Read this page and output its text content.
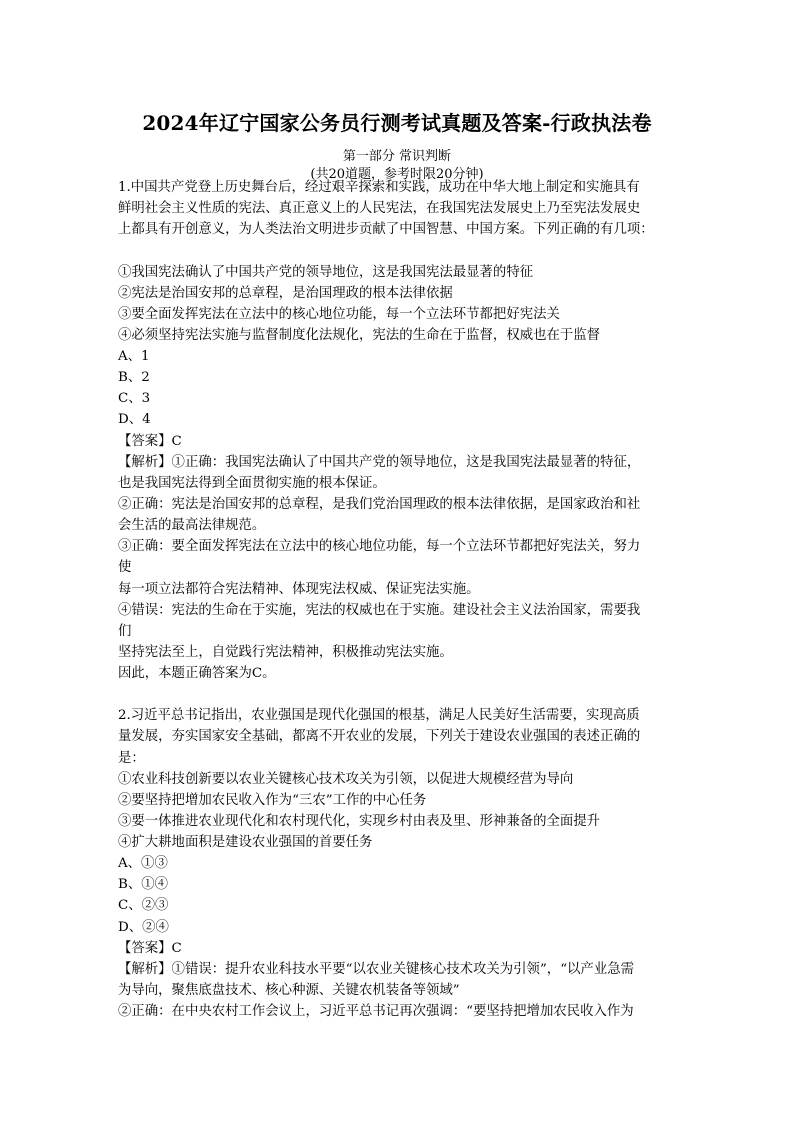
2024年辽宁国家公务员行测考试真题及答案-行政执法卷
第一部分 常识判断
(共20道题，参考时限20分钟)
1.中国共产党登上历史舞台后，经过艰辛探索和实践，成功在中华大地上制定和实施具有
鲜明社会主义性质的宪法、真正意义上的人民宪法，在我国宪法发展史上乃至宪法发展史
上都具有开创意义，为人类法治文明进步贡献了中国智慧、中国方案。下列正确的有几项：
①我国宪法确认了中国共产党的领导地位，这是我国宪法最显著的特征
②宪法是治国安邦的总章程，是治国理政的根本法律依据
③要全面发挥宪法在立法中的核心地位功能，每一个立法环节都把好宪法关
④必须坚持宪法实施与监督制度化法规化，宪法的生命在于监督，权威也在于监督
A、1
B、2
C、3
D、4
【答案】C
【解析】①正确：我国宪法确认了中国共产党的领导地位，这是我国宪法最显著的特征，
也是我国宪法得到全面贯彻实施的根本保证。
②正确：宪法是治国安邦的总章程，是我们党治国理政的根本法律依据，是国家政治和社
会生活的最高法律规范。
③正确：要全面发挥宪法在立法中的核心地位功能，每一个立法环节都把好宪法关，努力
使
每一项立法都符合宪法精神、体现宪法权威、保证宪法实施。
④错误：宪法的生命在于实施，宪法的权威也在于实施。建设社会主义法治国家，需要我
们
坚持宪法至上，自觉践行宪法精神，积极推动宪法实施。
因此，本题正确答案为C。
2.习近平总书记指出，农业强国是现代化强国的根基，满足人民美好生活需要，实现高质
量发展，夯实国家安全基础，都离不开农业的发展，下列关于建设农业强国的表述正确的
是：
①农业科技创新要以农业关键核心技术攻关为引领，以促进大规模经营为导向
②要坚持把增加农民收入作为“三农”工作的中心任务
③要一体推进农业现代化和农村现代化，实现乡村由表及里、形神兼备的全面提升
④扩大耕地面积是建设农业强国的首要任务
A、①③
B、①④
C、②③
D、②④
【答案】C
【解析】①错误：提升农业科技水平要“以农业关键核心技术攻关为引领”，“以产业急需
为导向，聚焦底盘技术、核心种源、关键农机装备等领域”
②正确：在中央农村工作会议上，习近平总书记再次强调：“要坚持把增加农民收入作为
